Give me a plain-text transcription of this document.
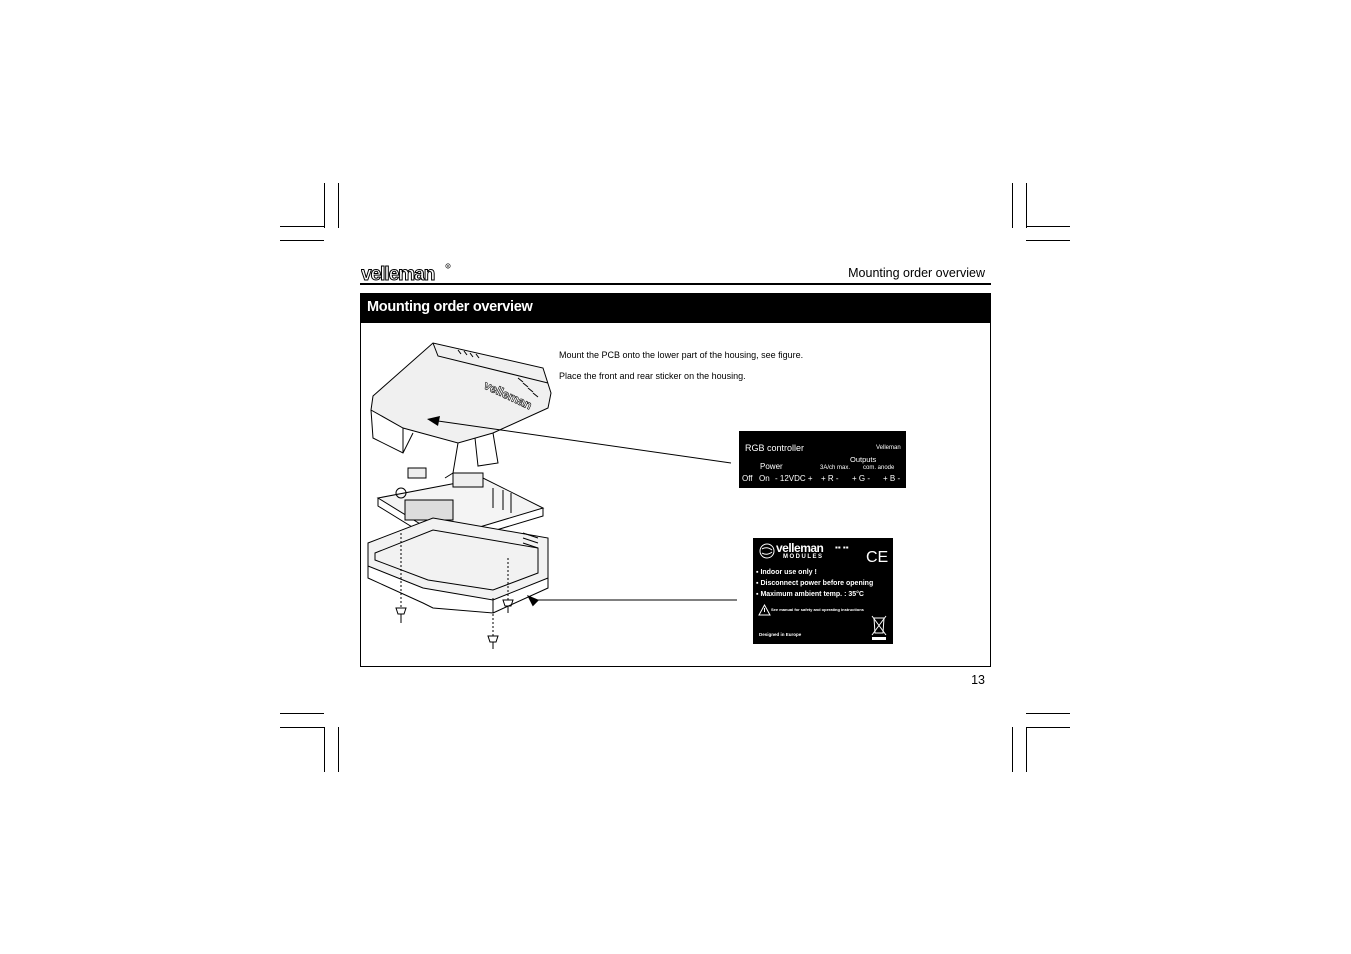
velleman	R	Mounting order overview
Mounting order overview
Mount the PCB onto the lower part of the housing, see figure.
Place the front and rear sticker on the housing.
velleman
RGB controller	Velleman
Power
Outputs
3A/ch max. com. anode
Off On - 12VDC + + R - + G - + B -
velleman
MODULES
▪▪ ▪▪
CE
▪ Indoor use only !
▪ Disconnect power before opening
▪ Maximum ambient temp. : 35°C
See manual for safety and operating instructions
Designed in Europe
13
